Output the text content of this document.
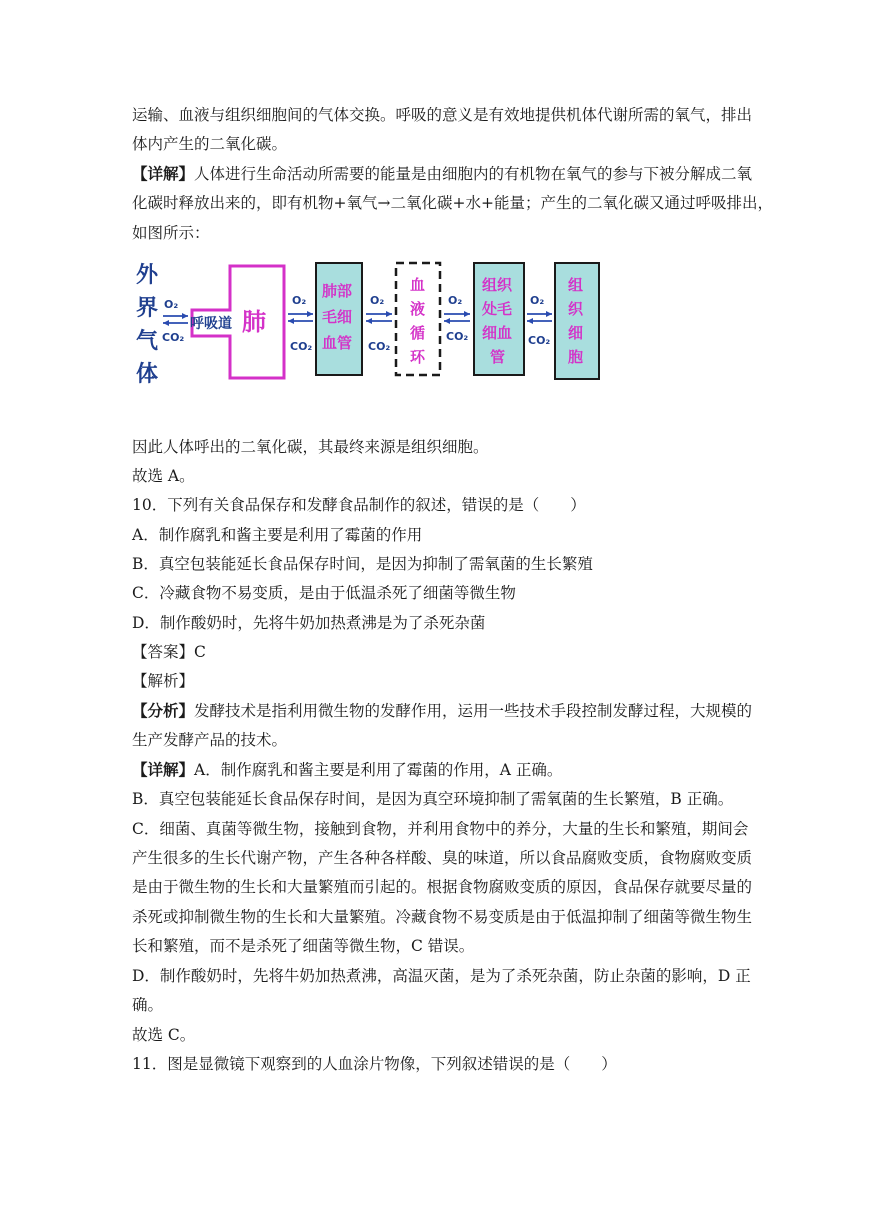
运输、血液与组织细胞间的气体交换。呼吸的意义是有效地提供机体代谢所需的氧气，排出
体内产生的二氧化碳。
【详解】人体进行生命活动所需要的能量是由细胞内的有机物在氧气的参与下被分解成二氧
化碳时释放出来的，即有机物+氧气→二氧化碳+水+能量；产生的二氧化碳又通过呼吸排出，
如图所示：
外
界
气
体
呼吸道 肺
O₂
CO₂
O₂
CO₂
肺部
毛细
血管
O₂
CO₂
血
液
循
环
O₂
CO₂
组织
处毛
细血
管
O₂
CO₂
组
织
细
胞
因此人体呼出的二氧化碳，其最终来源是组织细胞。
故选 A。
10．下列有关食品保存和发酵食品制作的叙述，错误的是（　　）
A．制作腐乳和酱主要是利用了霉菌的作用
B．真空包装能延长食品保存时间，是因为抑制了需氧菌的生长繁殖
C．冷藏食物不易变质，是由于低温杀死了细菌等微生物
D．制作酸奶时，先将牛奶加热煮沸是为了杀死杂菌
【答案】C
【解析】
【分析】发酵技术是指利用微生物的发酵作用，运用一些技术手段控制发酵过程，大规模的
生产发酵产品的技术。
【详解】A．制作腐乳和酱主要是利用了霉菌的作用，A 正确。
B．真空包装能延长食品保存时间，是因为真空环境抑制了需氧菌的生长繁殖，B 正确。
C．细菌、真菌等微生物，接触到食物，并利用食物中的养分，大量的生长和繁殖，期间会
产生很多的生长代谢产物，产生各种各样酸、臭的味道，所以食品腐败变质，食物腐败变质
是由于微生物的生长和大量繁殖而引起的。根据食物腐败变质的原因，食品保存就要尽量的
杀死或抑制微生物的生长和大量繁殖。冷藏食物不易变质是由于低温抑制了细菌等微生物生
长和繁殖，而不是杀死了细菌等微生物，C 错误。
D．制作酸奶时，先将牛奶加热煮沸，高温灭菌，是为了杀死杂菌，防止杂菌的影响，D 正
确。
故选 C。
11．图是显微镜下观察到的人血涂片物像，下列叙述错误的是（　　）
